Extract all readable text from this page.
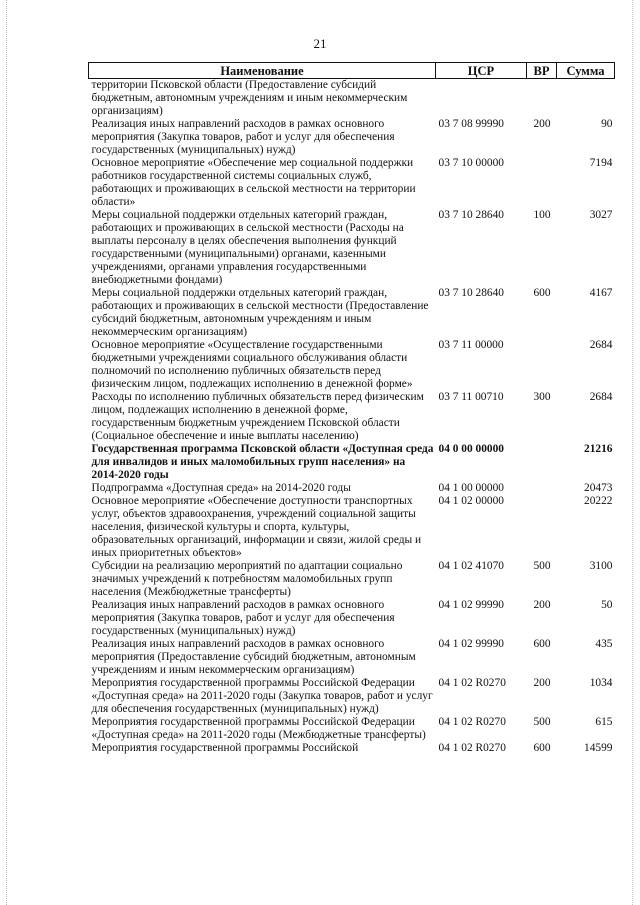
21
Наименование	ЦСР	ВР	Сумма
территории Псковской области (Предоставление субсидий бюджетным, автономным учреждениям и иным некоммерческим организациям)			
Реализация иных направлений расходов в рамках основного мероприятия (Закупка товаров, работ и услуг для обеспечения государственных (муниципальных) нужд)	03 7 08 99990	200	90
Основное мероприятие «Обеспечение мер социальной поддержки работников государственной системы социальных служб, работающих и проживающих в сельской местности на территории области»	03 7 10 00000		7194
Меры социальной поддержки отдельных категорий граждан, работающих и проживающих в сельской местности (Расходы на выплаты персоналу в целях обеспечения выполнения функций государственными (муниципальными) органами, казенными учреждениями, органами управления государственными внебюджетными фондами)	03 7 10 28640	100	3027
Меры социальной поддержки отдельных категорий граждан, работающих и проживающих в сельской местности (Предоставление субсидий бюджетным, автономным учреждениям и иным некоммерческим организациям)	03 7 10 28640	600	4167
Основное мероприятие «Осуществление государственными бюджетными учреждениями социального обслуживания области полномочий по исполнению публичных обязательств перед физическим лицом, подлежащих исполнению в денежной форме»	03 7 11 00000		2684
Расходы по исполнению публичных обязательств перед физическим лицом, подлежащих исполнению в денежной форме, государственным бюджетным учреждением Псковской области (Социальное обеспечение и иные выплаты населению)	03 7 11 00710	300	2684
Государственная программа Псковской области «Доступная среда для инвалидов и иных маломобильных групп населения» на 2014-2020 годы	04 0 00 00000		21216
Подпрограмма «Доступная среда» на 2014-2020 годы	04 1 00 00000		20473
Основное мероприятие «Обеспечение доступности транспортных услуг, объектов здравоохранения, учреждений социальной защиты населения, физической культуры и спорта, культуры, образовательных организаций, информации и связи, жилой среды и иных приоритетных объектов»	04 1 02 00000		20222
Субсидии на реализацию мероприятий по адаптации социально значимых учреждений к потребностям маломобильных групп населения (Межбюджетные трансферты)	04 1 02 41070	500	3100
Реализация иных направлений расходов в рамках основного мероприятия (Закупка товаров, работ и услуг для обеспечения государственных (муниципальных) нужд)	04 1 02 99990	200	50
Реализация иных направлений расходов в рамках основного мероприятия (Предоставление субсидий бюджетным, автономным учреждениям и иным некоммерческим организациям)	04 1 02 99990	600	435
Мероприятия государственной программы Российской Федерации «Доступная среда» на 2011-2020 годы (Закупка товаров, работ и услуг для обеспечения государственных (муниципальных) нужд)	04 1 02 R0270	200	1034
Мероприятия государственной программы Российской Федерации «Доступная среда» на 2011-2020 годы (Межбюджетные трансферты)	04 1 02 R0270	500	615
Мероприятия государственной программы Российской	04 1 02 R0270	600	14599
